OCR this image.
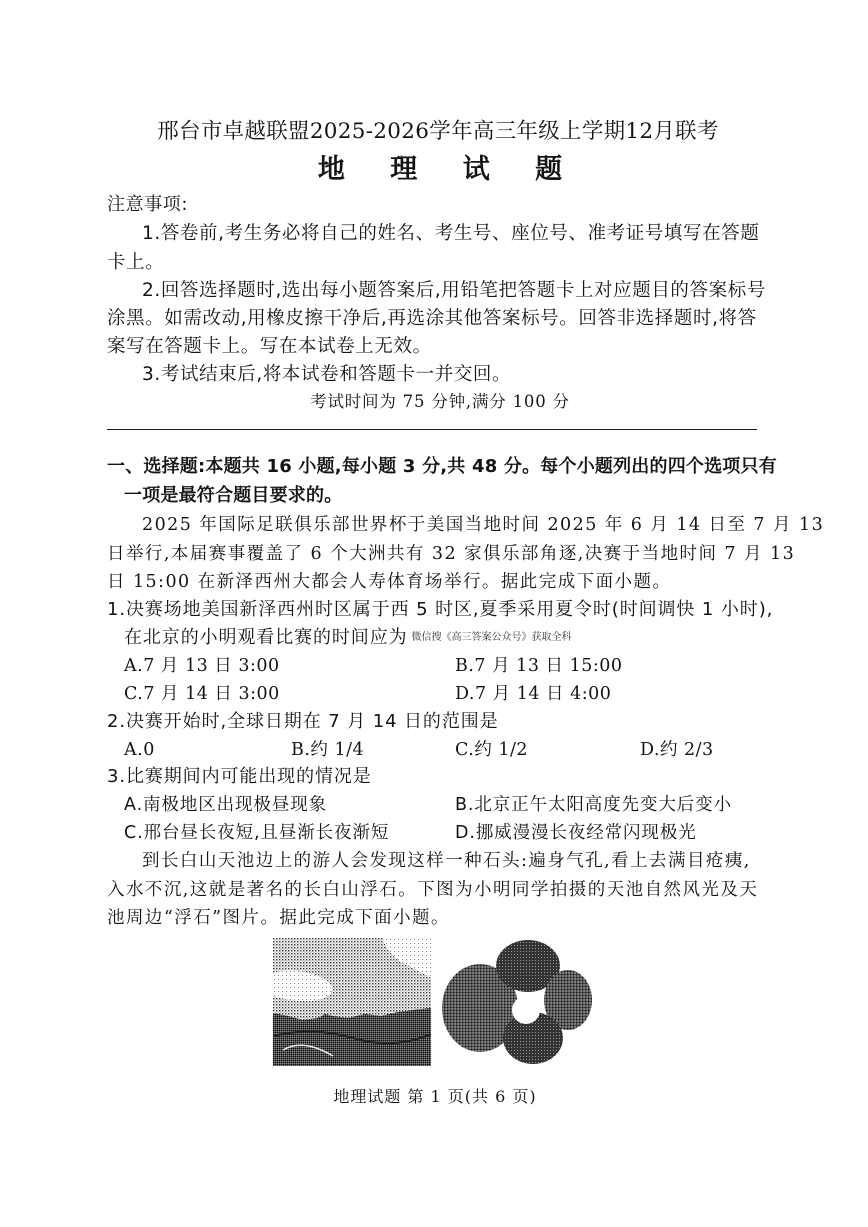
邢台市卓越联盟2025-2026学年高三年级上学期12月联考
地 理 试 题
注意事项:
1.答卷前,考生务必将自己的姓名、考生号、座位号、准考证号填写在答题
卡上。
2.回答选择题时,选出每小题答案后,用铅笔把答题卡上对应题目的答案标号
涂黑。如需改动,用橡皮擦干净后,再选涂其他答案标号。回答非选择题时,将答
案写在答题卡上。写在本试卷上无效。
3.考试结束后,将本试卷和答题卡一并交回。
考试时间为 75 分钟,满分 100 分
一、选择题:本题共 16 小题,每小题 3 分,共 48 分。每个小题列出的四个选项只有
一项是最符合题目要求的。
2025 年国际足联俱乐部世界杯于美国当地时间 2025 年 6 月 14 日至 7 月 13
日举行,本届赛事覆盖了 6 个大洲共有 32 家俱乐部角逐,决赛于当地时间 7 月 13
日 15:00 在新泽西州大都会人寿体育场举行。据此完成下面小题。
1.决赛场地美国新泽西州时区属于西 5 时区,夏季采用夏令时(时间调快 1 小时),
在北京的小明观看比赛的时间应为 微信搜《高三答案公众号》获取全科
A.7 月 13 日 3:00	B.7 月 13 日 15:00
C.7 月 14 日 3:00	D.7 月 14 日 4:00
2.决赛开始时,全球日期在 7 月 14 日的范围是
A.0	B.约 1/4	C.约 1/2	D.约 2/3
3.比赛期间内可能出现的情况是
A.南极地区出现极昼现象	B.北京正午太阳高度先变大后变小
C.邢台昼长夜短,且昼渐长夜渐短	D.挪威漫漫长夜经常闪现极光
到长白山天池边上的游人会发现这样一种石头:遍身气孔,看上去满目疮痍,
入水不沉,这就是著名的长白山浮石。下图为小明同学拍摄的天池自然风光及天
池周边“浮石”图片。据此完成下面小题。
地理试题 第 1 页(共 6 页)
